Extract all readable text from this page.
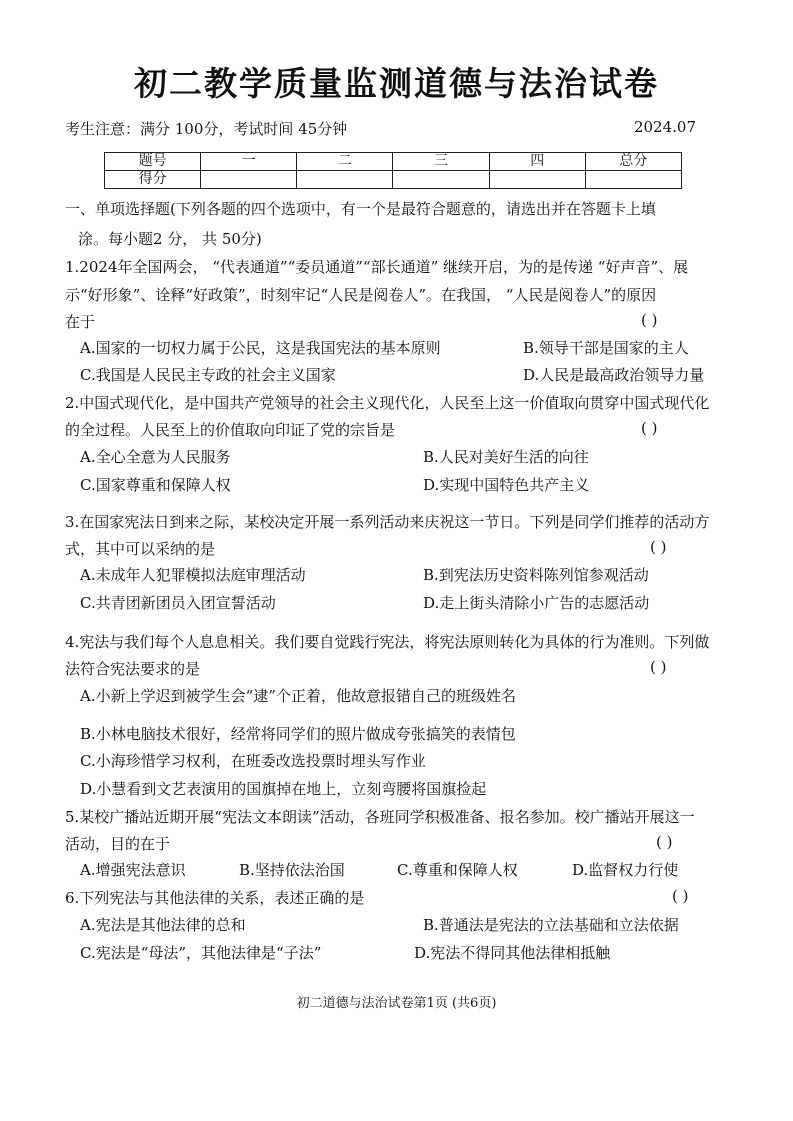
初二教学质量监测道德与法治试卷
考生注意：满分 100分，考试时间 45分钟	2024.07
题号	一	二	三	四	总分
得分					
一、单项选择题(下列各题的四个选项中，有一个是最符合题意的，请选出并在答题卡上填
涂。每小题2 分， 共 50分)
1.2024年全国两会， “代表通道”“委员通道”“部长通道” 继续开启，为的是传递 “好声音”、展
示“好形象”、诠释“好政策”，时刻牢记“人民是阅卷人”。在我国， “人民是阅卷人”的原因
在于	( )
A.国家的一切权力属于公民，这是我国宪法的基本原则	B.领导干部是国家的主人
C.我国是人民民主专政的社会主义国家	D.人民是最高政治领导力量
2.中国式现代化，是中国共产党领导的社会主义现代化，人民至上这一价值取向贯穿中国式现代化
的全过程。人民至上的价值取向印证了党的宗旨是	( )
A.全心全意为人民服务	B.人民对美好生活的向往
C.国家尊重和保障人权	D.实现中国特色共产主义
3.在国家宪法日到来之际，某校决定开展一系列活动来庆祝这一节日。下列是同学们推荐的活动方
式，其中可以采纳的是	( )
A.未成年人犯罪模拟法庭审理活动	B.到宪法历史资料陈列馆参观活动
C.共青团新团员入团宣誓活动	D.走上街头清除小广告的志愿活动
4.宪法与我们每个人息息相关。我们要自觉践行宪法，将宪法原则转化为具体的行为准则。下列做
法符合宪法要求的是	( )
A.小新上学迟到被学生会“逮”个正着，他故意报错自己的班级姓名
B.小林电脑技术很好，经常将同学们的照片做成夸张搞笑的表情包
C.小海珍惜学习权利，在班委改选投票时埋头写作业
D.小慧看到文艺表演用的国旗掉在地上，立刻弯腰将国旗捡起
5.某校广播站近期开展“宪法文本朗读”活动，各班同学积极准备、报名参加。校广播站开展这一
活动，目的在于	( )
A.增强宪法意识	B.坚持依法治国	C.尊重和保障人权	D.监督权力行使
6.下列宪法与其他法律的关系，表述正确的是	( )
A.宪法是其他法律的总和	B.普通法是宪法的立法基础和立法依据
C.宪法是“母法”，其他法律是“子法”	D.宪法不得同其他法律相抵触
初二道德与法治试卷第1页 (共6页)
